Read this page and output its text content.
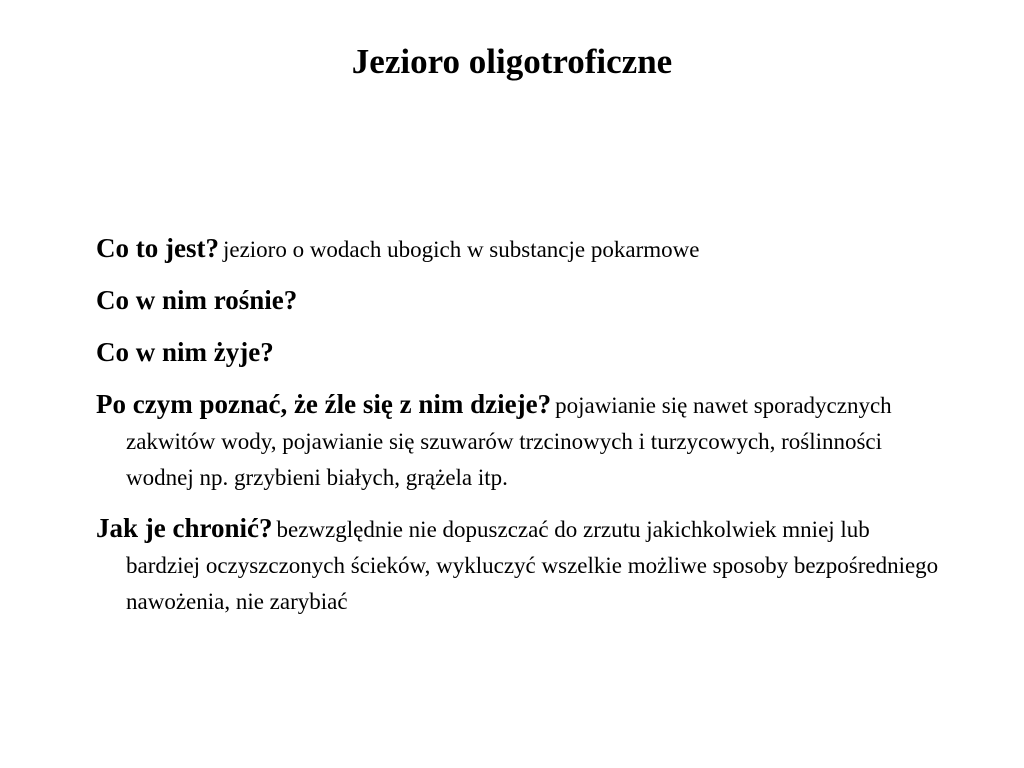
Jezioro oligotroficzne

Co to jest? jezioro o wodach ubogich w substancje pokarmowe

Co w nim rośnie?

Co w nim żyje?

Po czym poznać, że źle się z nim dzieje? pojawianie się nawet sporadycznych zakwitów wody, pojawianie się szuwarów trzcinowych i turzycowych, roślinności wodnej np. grzybieni białych, grążela itp.

Jak je chronić? bezwzględnie nie dopuszczać do zrzutu jakichkolwiek mniej lub bardziej oczyszczonych ścieków, wykluczyć wszelkie możliwe sposoby bezpośredniego nawożenia, nie zarybiać
